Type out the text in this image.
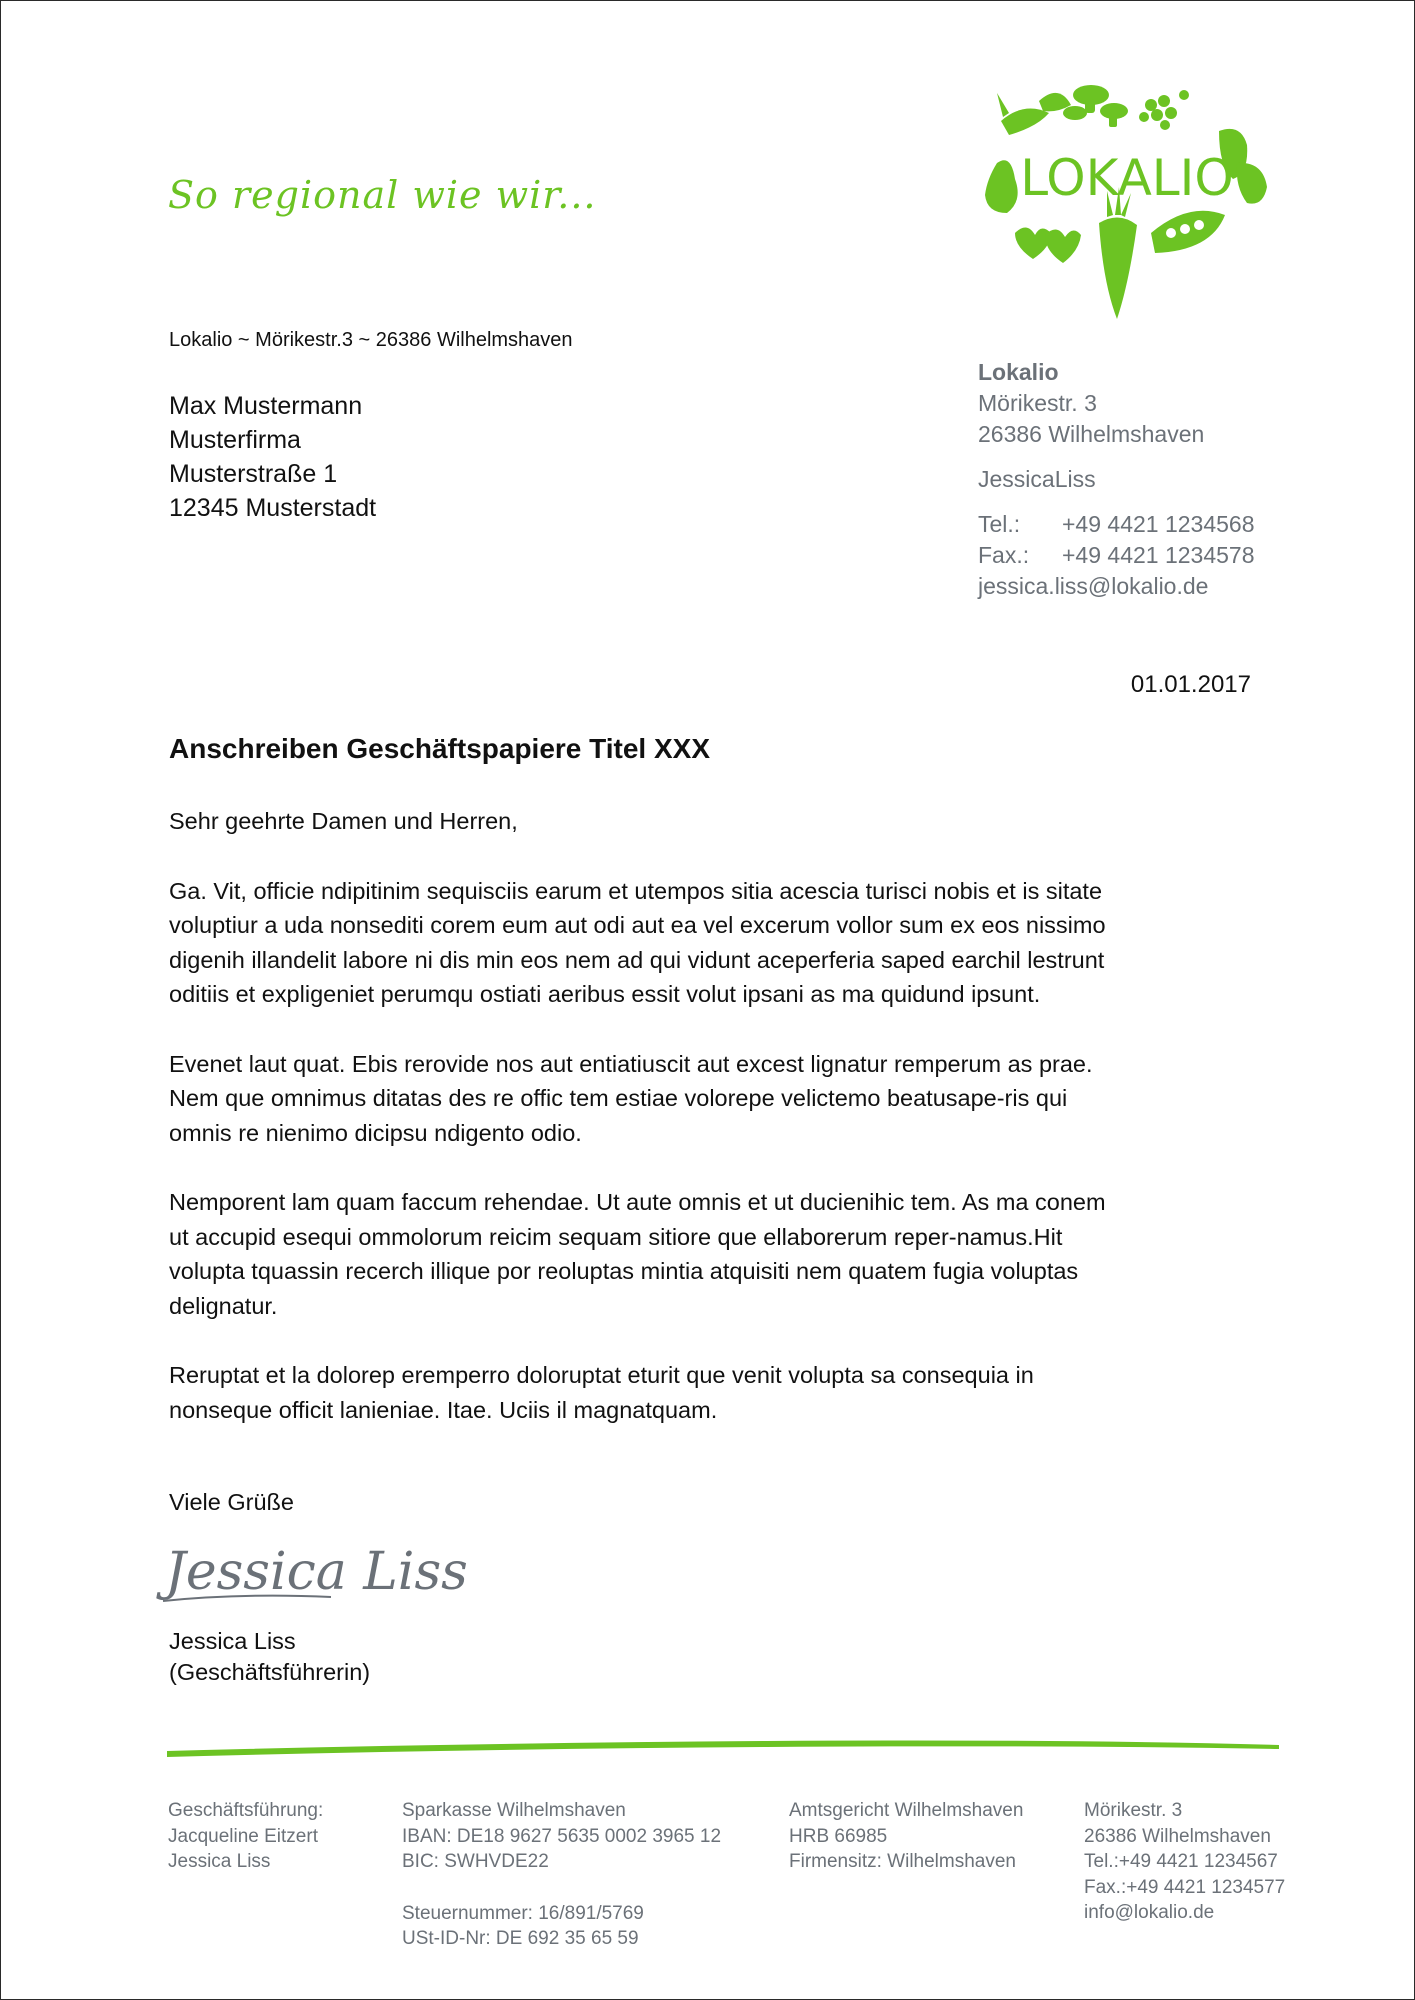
So regional wie wir...	LOKALIO
Lokalio ~ Mörikestr.3 ~ 26386 Wilhelmshaven
Max Mustermann
Musterfirma
Musterstraße 1
12345 Musterstadt
Lokalio
Mörikestr. 3
26386 Wilhelmshaven
JessicaLiss
Tel.: +49 4421 1234568
Fax.: +49 4421 1234578
jessica.liss@lokalio.de
01.01.2017
Anschreiben Geschäftspapiere Titel XXX

Sehr geehrte Damen und Herren,

Ga. Vit, officie ndipitinim sequisciis earum et utempos sitia acescia turisci nobis et is sitate voluptiur a uda nonsediti corem eum aut odi aut ea vel excerum vollor sum ex eos nissimo digenih illandelit labore ni dis min eos nem ad qui vidunt aceperferia saped earchil lestrunt oditiis et expligeniet perumqu ostiati aeribus essit volut ipsani as ma quidund ipsunt.

Evenet laut quat. Ebis rerovide nos aut entiatiuscit aut excest lignatur remperum as prae. Nem que omnimus ditatas des re offic tem estiae volorepe velictemo beatusape-ris qui omnis re nienimo dicipsu ndigento odio.

Nemporent lam quam faccum rehendae. Ut aute omnis et ut ducienihic tem. As ma conem ut accupid esequi ommolorum reicim sequam sitiore que ellaborerum reper-namus.Hit volupta tquassin recerch illique por reoluptas mintia atquisiti nem quatem fugia voluptas delignatur.

Reruptat et la dolorep eremperro doloruptat eturit que venit volupta sa consequia in nonseque officit lanieniae. Itae. Uciis il magnatquam.

Viele Grüße
Jessica Liss
Jessica Liss
(Geschäftsführerin)
Geschäftsführung:
Jacqueline Eitzert
Jessica Liss
Sparkasse Wilhelmshaven
IBAN: DE18 9627 5635 0002 3965 12
BIC: SWHVDE22
Steuernummer: 16/891/5769
USt-ID-Nr: DE 692 35 65 59
Amtsgericht Wilhelmshaven
HRB 66985
Firmensitz: Wilhelmshaven
Mörikestr. 3
26386 Wilhelmshaven
Tel.:+49 4421 1234567
Fax.:+49 4421 1234577
info@lokalio.de
